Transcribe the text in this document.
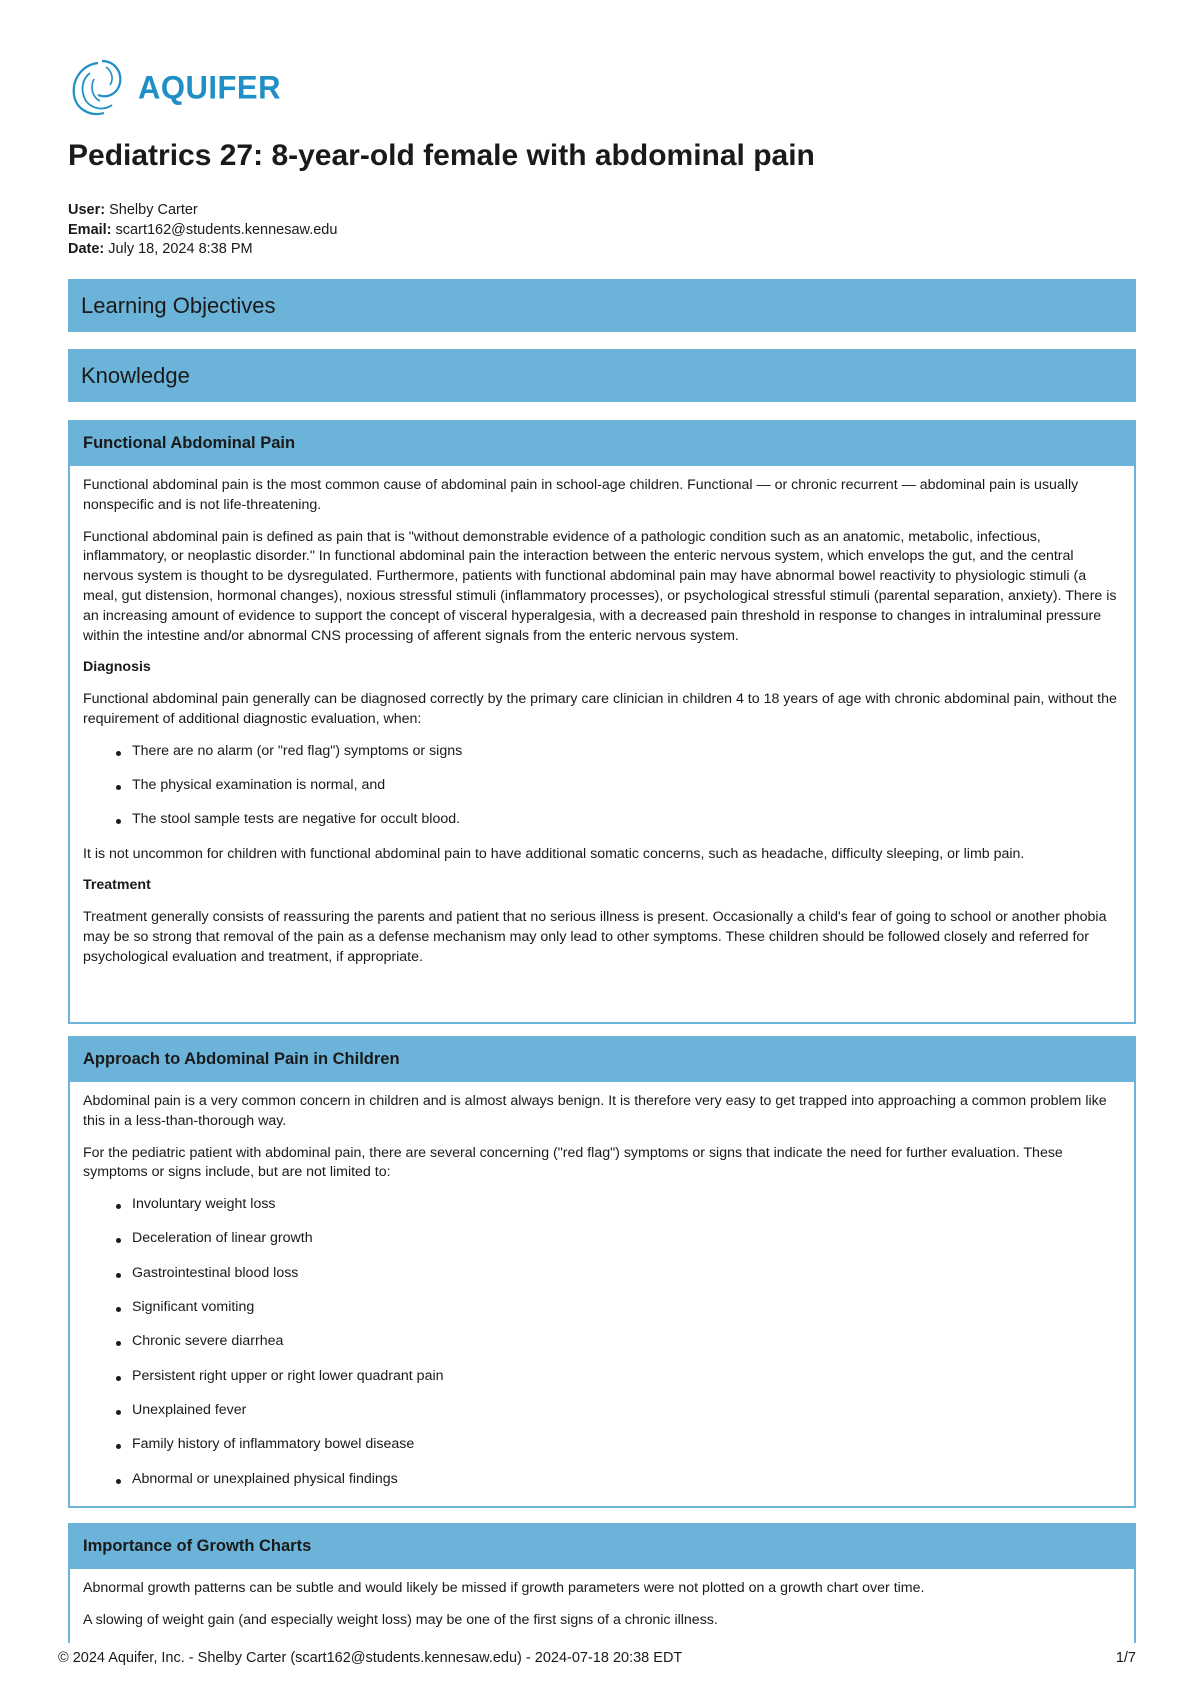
AQUIFER
Pediatrics 27: 8-year-old female with abdominal pain
User: Shelby Carter
Email: scart162@students.kennesaw.edu
Date: July 18, 2024 8:38 PM
Learning Objectives
Knowledge
Functional Abdominal Pain

Functional abdominal pain is the most common cause of abdominal pain in school-age children. Functional — or chronic recurrent — abdominal pain is usually nonspecific and is not life-threatening.

Functional abdominal pain is defined as pain that is "without demonstrable evidence of a pathologic condition such as an anatomic, metabolic, infectious, inflammatory, or neoplastic disorder." In functional abdominal pain the interaction between the enteric nervous system, which envelops the gut, and the central nervous system is thought to be dysregulated. Furthermore, patients with functional abdominal pain may have abnormal bowel reactivity to physiologic stimuli (a meal, gut distension, hormonal changes), noxious stressful stimuli (inflammatory processes), or psychological stressful stimuli (parental separation, anxiety). There is an increasing amount of evidence to support the concept of visceral hyperalgesia, with a decreased pain threshold in response to changes in intraluminal pressure within the intestine and/or abnormal CNS processing of afferent signals from the enteric nervous system.

Diagnosis

Functional abdominal pain generally can be diagnosed correctly by the primary care clinician in children 4 to 18 years of age with chronic abdominal pain, without the requirement of additional diagnostic evaluation, when:

There are no alarm (or "red flag") symptoms or signs
The physical examination is normal, and
The stool sample tests are negative for occult blood.

It is not uncommon for children with functional abdominal pain to have additional somatic concerns, such as headache, difficulty sleeping, or limb pain.

Treatment

Treatment generally consists of reassuring the parents and patient that no serious illness is present. Occasionally a child's fear of going to school or another phobia may be so strong that removal of the pain as a defense mechanism may only lead to other symptoms. These children should be followed closely and referred for psychological evaluation and treatment, if appropriate.

Approach to Abdominal Pain in Children

Abdominal pain is a very common concern in children and is almost always benign. It is therefore very easy to get trapped into approaching a common problem like this in a less-than-thorough way.

For the pediatric patient with abdominal pain, there are several concerning ("red flag") symptoms or signs that indicate the need for further evaluation. These symptoms or signs include, but are not limited to:

Involuntary weight loss
Deceleration of linear growth
Gastrointestinal blood loss
Significant vomiting
Chronic severe diarrhea
Persistent right upper or right lower quadrant pain
Unexplained fever
Family history of inflammatory bowel disease
Abnormal or unexplained physical findings
Importance of Growth Charts

Abnormal growth patterns can be subtle and would likely be missed if growth parameters were not plotted on a growth chart over time.

A slowing of weight gain (and especially weight loss) may be one of the first signs of a chronic illness.

© 2024 Aquifer, Inc. - Shelby Carter (scart162@students.kennesaw.edu) - 2024-07-18 20:38 EDT	1/7
